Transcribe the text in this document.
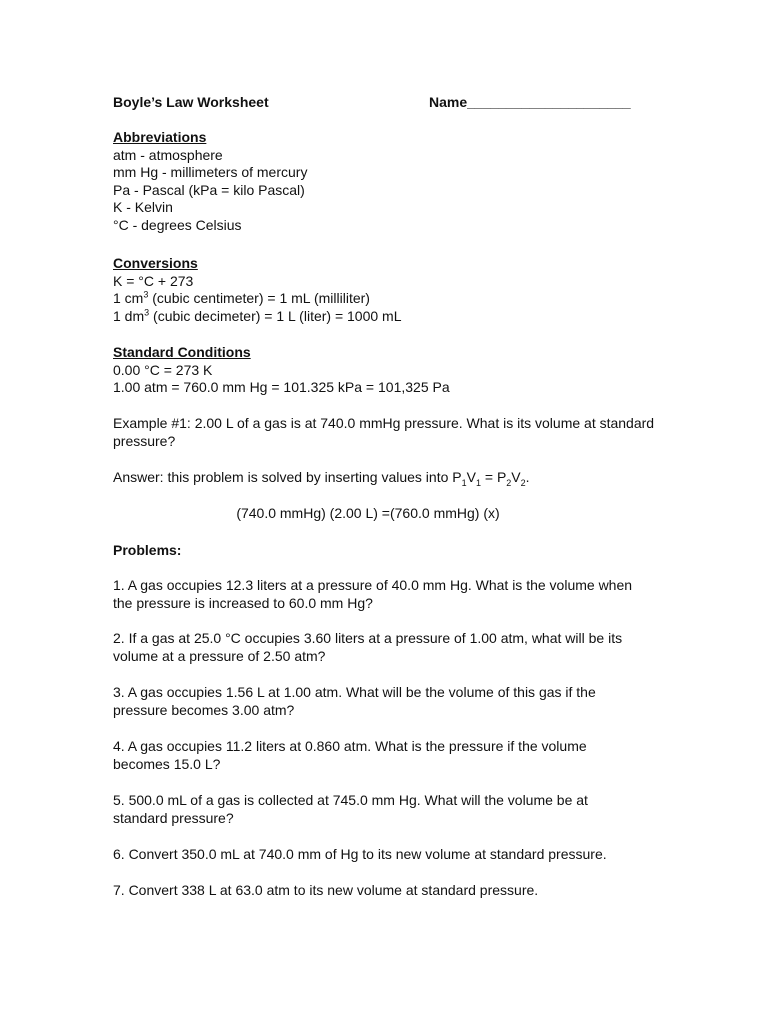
Boyle’s Law Worksheet	Name_____________________
Abbreviations
atm - atmosphere
mm Hg - millimeters of mercury
Pa - Pascal (kPa = kilo Pascal)
K - Kelvin
°C - degrees Celsius
Conversions
K = °C + 273
1 $cm^3$ (cubic centimeter) = 1 mL (milliliter)
1 $dm^3$ (cubic decimeter) = 1 L (liter) = 1000 mL
Standard Conditions
0.00 °C = 273 K
1.00 atm = 760.0 mm Hg = 101.325 kPa = 101,325 Pa
Example #1: 2.00 L of a gas is at 740.0 mmHg pressure. What is its volume at standard pressure?
Answer: this problem is solved by inserting values into $P_1V_1 = P_2V_2$.
(740.0 mmHg) (2.00 L) =(760.0 mmHg) (x)
Problems:
1. A gas occupies 12.3 liters at a pressure of 40.0 mm Hg. What is the volume when the pressure is increased to 60.0 mm Hg?
2. If a gas at 25.0 °C occupies 3.60 liters at a pressure of 1.00 atm, what will be its volume at a pressure of 2.50 atm?
3. A gas occupies 1.56 L at 1.00 atm. What will be the volume of this gas if the pressure becomes 3.00 atm?
4. A gas occupies 11.2 liters at 0.860 atm. What is the pressure if the volume becomes 15.0 L?
5. 500.0 mL of a gas is collected at 745.0 mm Hg. What will the volume be at standard pressure?
6. Convert 350.0 mL at 740.0 mm of Hg to its new volume at standard pressure.
7. Convert 338 L at 63.0 atm to its new volume at standard pressure.
